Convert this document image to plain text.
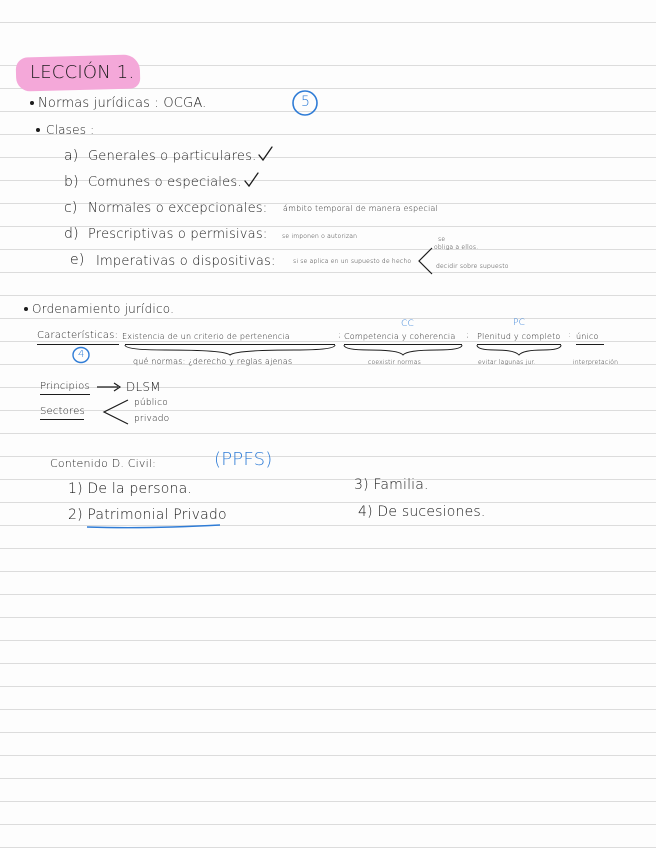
LECCIÓN 1.
Normas jurídicas : OCGA.	5
Clases :
a) Generales o particulares.
b) Comunes o especiales.
c) Normales o excepcionales: ámbito temporal de manera especial
d) Prescriptivas o permisivas: se imponen o autorizan
e) Imperativas o dispositivas:	si se aplica en un supuesto de hecho
se
obliga a ellos.
decidir sobre supuesto
Ordenamiento jurídico.
CC	PC
Características: Existencia de un criterio de pertenencia	; Competencia y coherencia ; Plenitud y completo : único
4
qué normas: ¿derecho y reglas ajenas	coexistir normas	evitar lagunas jur.	interpretación
Principios	DLSM
Sectores
público
privado
Contenido D. Civil:	(PPFS)
1) De la persona.
2) Patrimonial Privado
3) Familia.
4) De sucesiones.
